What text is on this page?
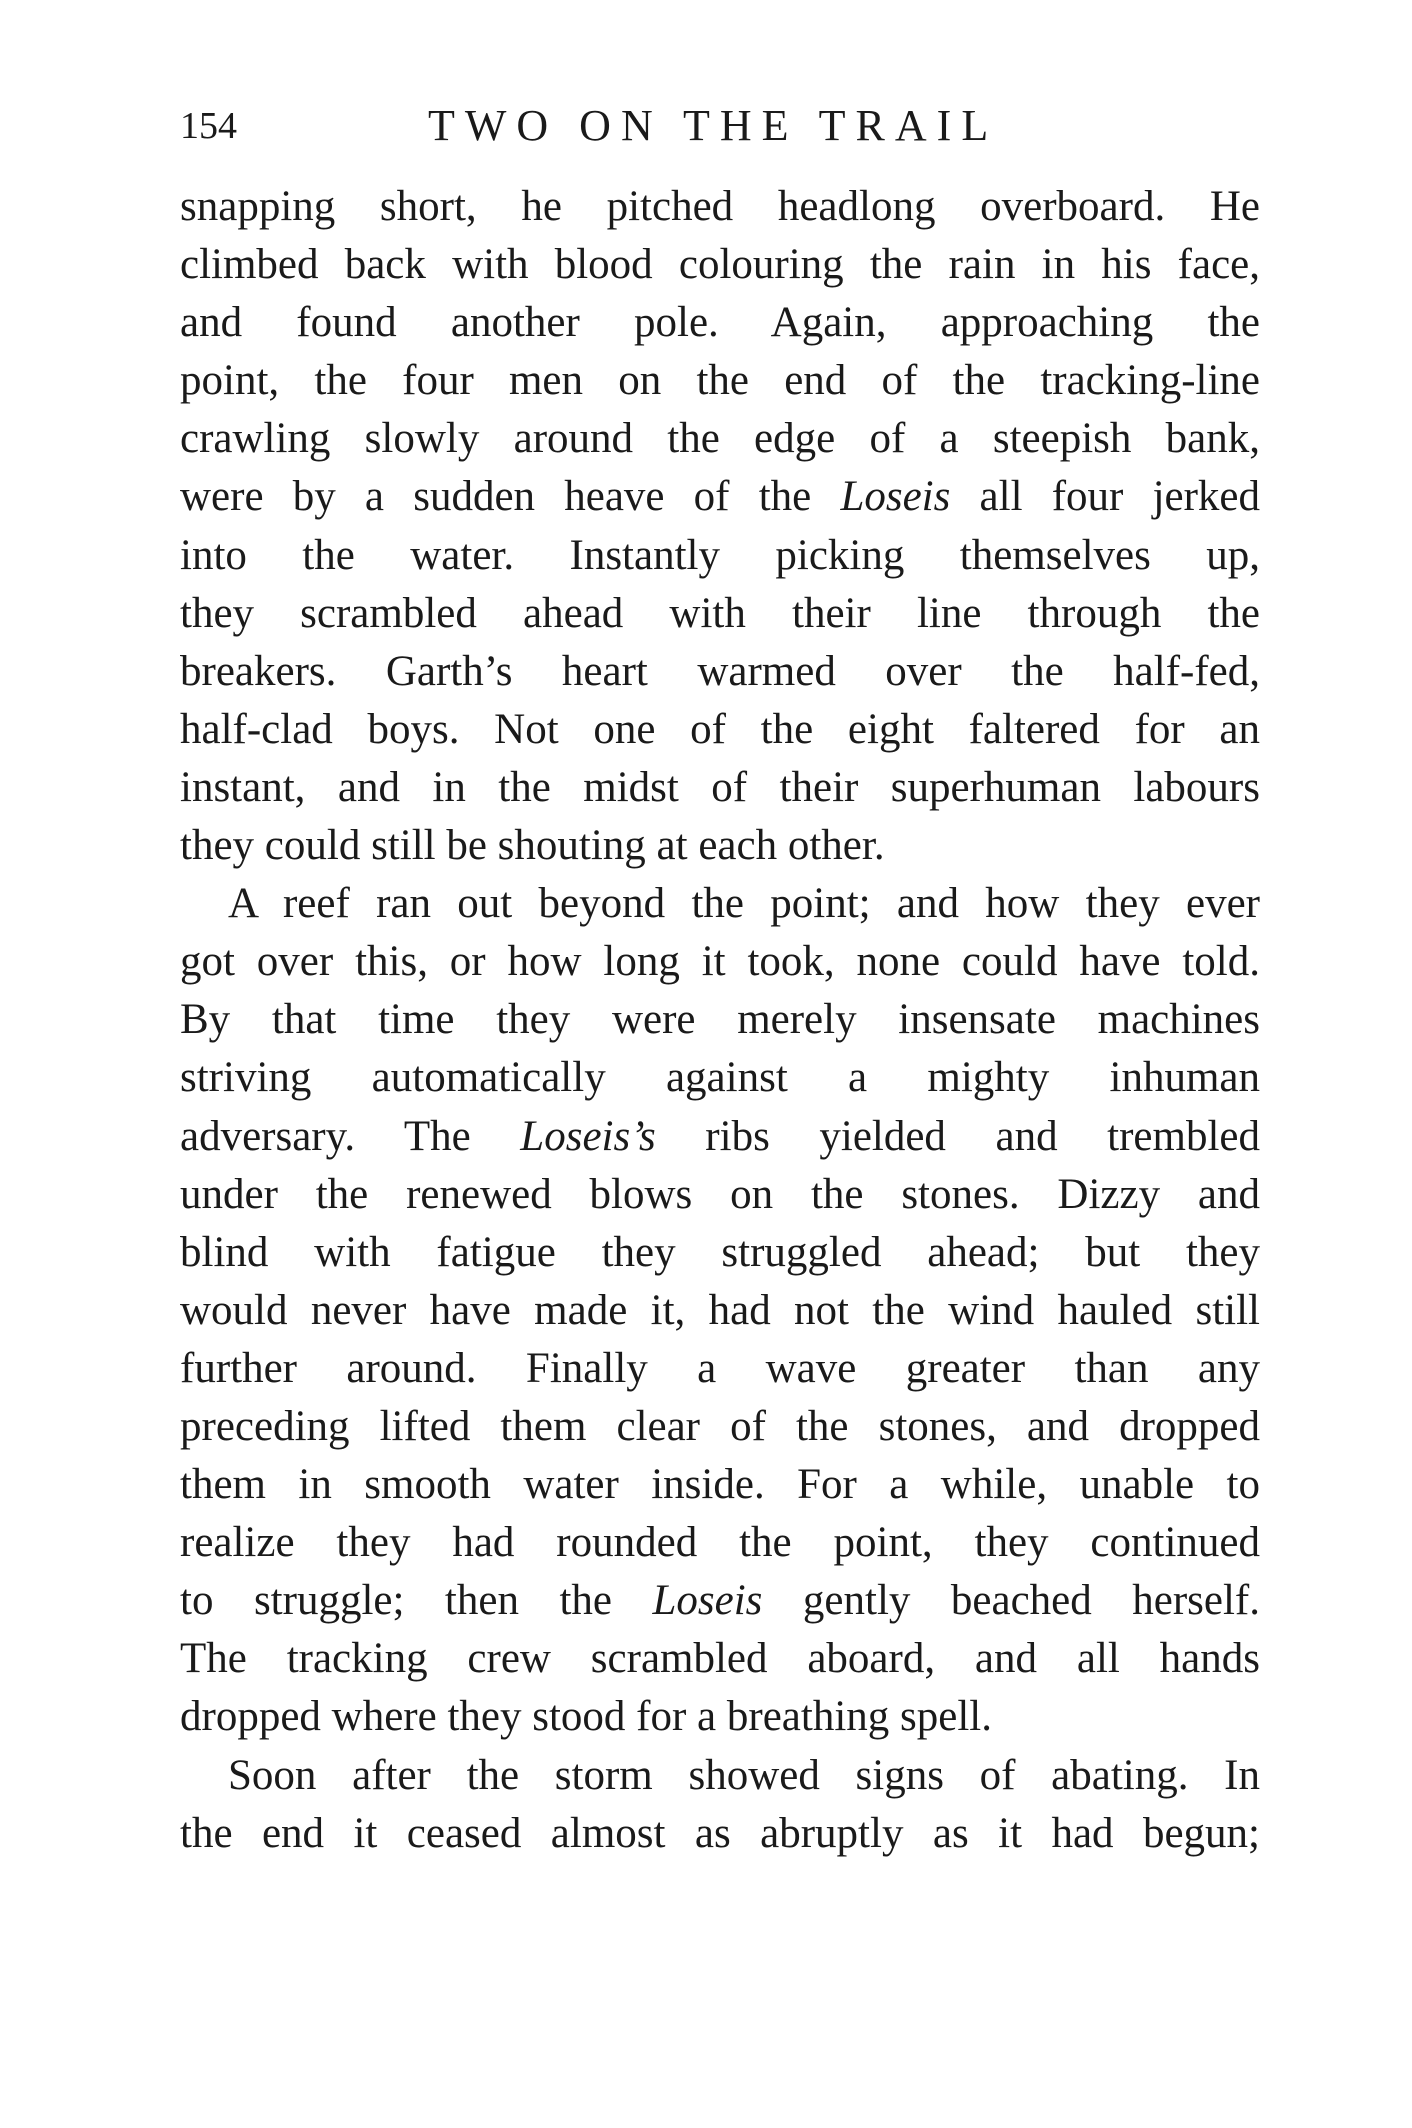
154	TWO ON THE TRAIL
snapping short, he pitched headlong overboard. He
climbed back with blood colouring the rain in his face,
and found another pole. Again, approaching the
point, the four men on the end of the tracking-line
crawling slowly around the edge of a steepish bank,
were by a sudden heave of the Loseis all four jerked
into the water. Instantly picking themselves up,
they scrambled ahead with their line through the
breakers. Garth’s heart warmed over the half-fed,
half-clad boys. Not one of the eight faltered for an
instant, and in the midst of their superhuman labours
they could still be shouting at each other.
A reef ran out beyond the point; and how they ever
got over this, or how long it took, none could have told.
By that time they were merely insensate machines
striving automatically against a mighty inhuman
adversary. The Loseis’s ribs yielded and trembled
under the renewed blows on the stones. Dizzy and
blind with fatigue they struggled ahead; but they
would never have made it, had not the wind hauled still
further around. Finally a wave greater than any
preceding lifted them clear of the stones, and dropped
them in smooth water inside. For a while, unable to
realize they had rounded the point, they continued
to struggle; then the Loseis gently beached herself.
The tracking crew scrambled aboard, and all hands
dropped where they stood for a breathing spell.
Soon after the storm showed signs of abating. In
the end it ceased almost as abruptly as it had begun;
